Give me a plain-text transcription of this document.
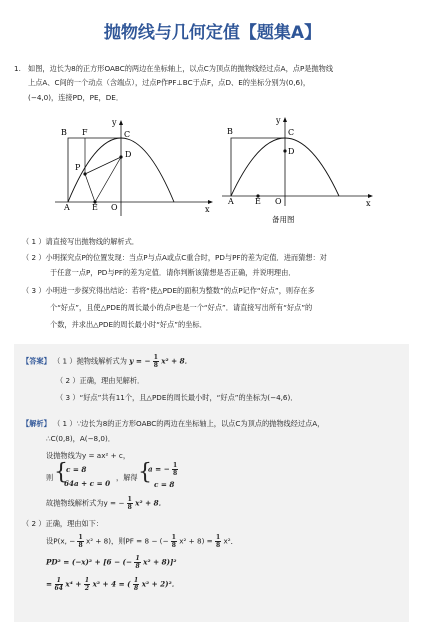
抛物线与几何定值【题集A】
1. 如图，边长为8的正方形OABC的两边在坐标轴上，以点C为顶点的抛物线经过点A，点P是抛物线
上点A、C间的一个动点（含端点），过点P作PF⊥BC于点F，点D、E的坐标分别为(0,6)，
(−4,0)，连接PD，PE，DE．
B F
y
C
D
P
A	E O	x
B
y
C
D
A	E O	x
备用图
（ 1 ）请直接写出抛物线的解析式．
（ 2 ）小明探究点P的位置发现：当点P与点A或点C重合时，PD与PF的差为定值．进而猜想：对
于任意一点P，PD与PF的差为定值．请你判断该猜想是否正确，并说明理由．
（ 3 ）小明进一步探究得出结论：若将“使△PDE的面积为整数”的点P记作“好点”，则存在多
个“好点”，且使△PDE的周长最小的点P也是一个“好点”．请直接写出所有“好点”的
个数，并求出△PDE的周长最小时“好点”的坐标．
【答案】 （ 1 ）抛物线解析式为 y = − $\frac{1}{8} x^2 + 8$．
（ 2 ）正确，理由见解析．
（ 3 ）“好点”共有11个，且△PDE的周长最小时，“好点”的坐标为(−4,6)．
【解析】 （ 1 ）∵边长为8的正方形OABC的两边在坐标轴上，以点C为顶点的抛物线经过点A，
∴C(0,8)，A(−8,0)．
设抛物线为y = ax² + c，
则 {
c = 8
64a + c = 0
，解得 {
a = − $\frac{1}{8}$
c = 8
故抛物线解析式为y = − $\frac{1}{8} x^2 + 8$．
（ 2 ）正确，理由如下：
设P(x, − $\frac{1}{8} x^2 + 8$)，则PF = 8 − (− $\frac{1}{8} x^2 + 8) = \frac{1}{8} x^2$．
PD² = (−x)² + [6 − (− $\frac{1}{8} x^2 + 8)]^2$
= $\frac{1}{64} x^4 + \frac{1}{2} x^2 + 4$ = ( $\frac{1}{8} x^2 + 2)^2$．
